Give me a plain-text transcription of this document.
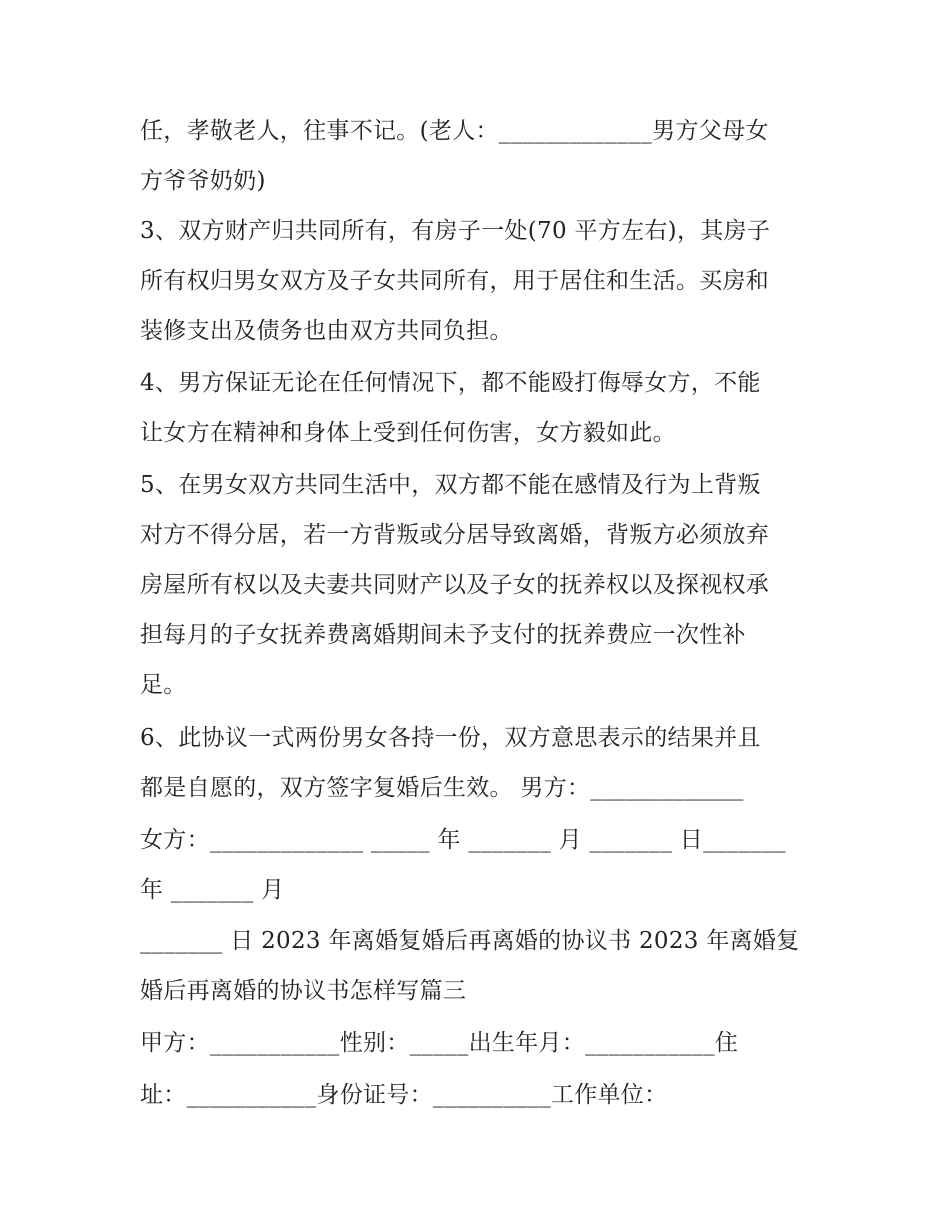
任，孝敬老人，往事不记。(老人：_____________男方父母女
方爷爷奶奶)
3、双方财产归共同所有，有房子一处(70 平方左右)，其房子
所有权归男女双方及子女共同所有，用于居住和生活。买房和
装修支出及债务也由双方共同负担。
4、男方保证无论在任何情况下，都不能殴打侮辱女方，不能
让女方在精神和身体上受到任何伤害，女方毅如此。
5、在男女双方共同生活中，双方都不能在感情及行为上背叛
对方不得分居，若一方背叛或分居导致离婚，背叛方必须放弃
房屋所有权以及夫妻共同财产以及子女的抚养权以及探视权承
担每月的子女抚养费离婚期间未予支付的抚养费应一次性补
足。
6、此协议一式两份男女各持一份，双方意思表示的结果并且
都是自愿的，双方签字复婚后生效。 男方：_____________
女方：_____________ _____ 年 _______ 月 _______ 日_______
年 _______ 月
_______ 日 2023 年离婚复婚后再离婚的协议书 2023 年离婚复
婚后再离婚的协议书怎样写篇三
甲方：___________性别：_____出生年月：___________住
址：___________身份证号：__________工作单位：
